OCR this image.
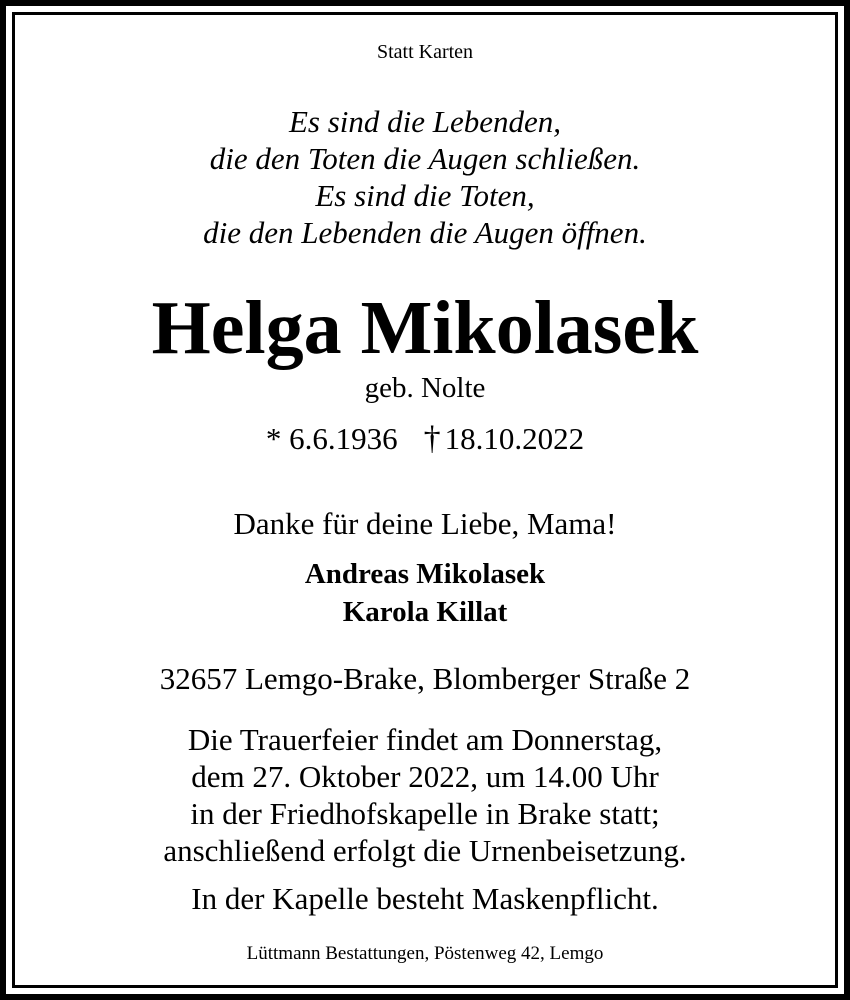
Statt Karten
Es sind die Lebenden,
die den Toten die Augen schließen.
Es sind die Toten,
die den Lebenden die Augen öffnen.
Helga Mikolasek
geb. Nolte
* 6.6.1936 † 18.10.2022
Danke für deine Liebe, Mama!
Andreas Mikolasek
Karola Killat
32657 Lemgo-Brake, Blomberger Straße 2
Die Trauerfeier findet am Donnerstag,
dem 27. Oktober 2022, um 14.00 Uhr
in der Friedhofskapelle in Brake statt;
anschließend erfolgt die Urnenbeisetzung.
In der Kapelle besteht Maskenpflicht.
Lüttmann Bestattungen, Pöstenweg 42, Lemgo
